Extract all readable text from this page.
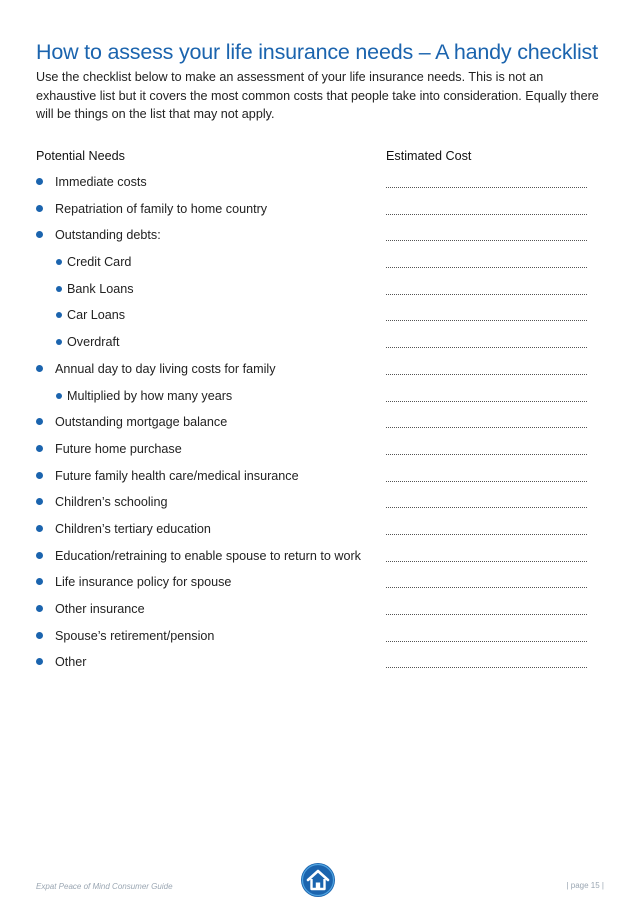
How to assess your life insurance needs – A handy checklist
Use the checklist below to make an assessment of your life insurance needs. This is not an exhaustive list but it covers the most common costs that people take into consideration. Equally there will be things on the list that may not apply.
Potential Needs	Estimated Cost
Immediate costs
Repatriation of family to home country
Outstanding debts:
Credit Card
Bank Loans
Car Loans
Overdraft
Annual day to day living costs for family
Multiplied by how many years
Outstanding mortgage balance
Future home purchase
Future family health care/medical insurance
Children’s schooling
Children’s tertiary education
Education/retraining to enable spouse to return to work
Life insurance policy for spouse
Other insurance
Spouse’s retirement/pension
Other
Expat Peace of Mind Consumer Guide	| page 15 |
